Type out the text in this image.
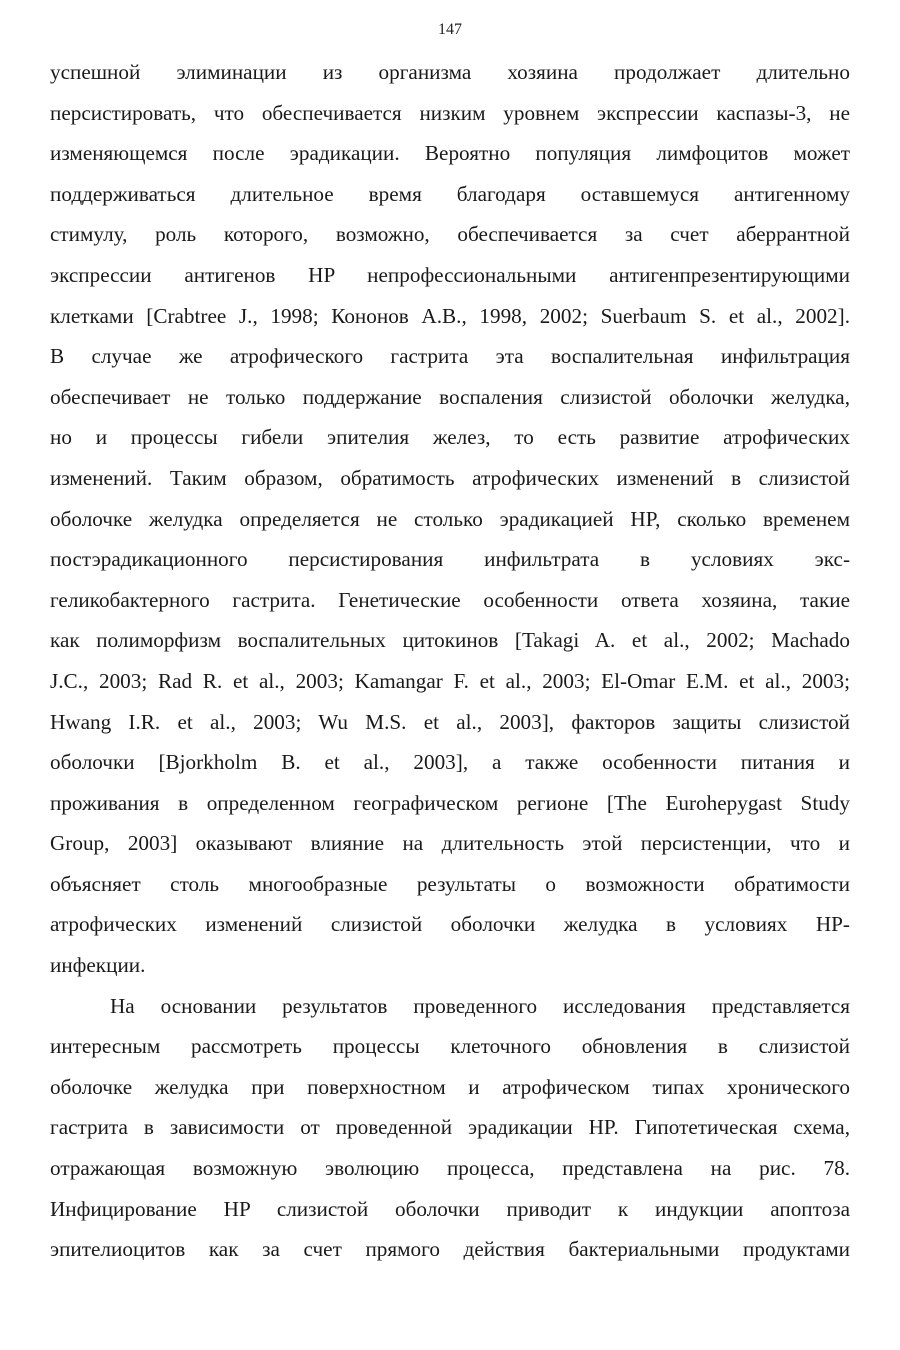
147

успешной элиминации из организма хозяина продолжает длительно
персистировать, что обеспечивается низким уровнем экспрессии каспазы-3, не
изменяющемся после эрадикации. Вероятно популяция лимфоцитов может
поддерживаться длительное время благодаря оставшемуся антигенному
стимулу, роль которого, возможно, обеспечивается за счет аберрантной
экспрессии антигенов HP непрофессиональными антигенпрезентирующими
клетками [Crabtree J., 1998; Кононов А.В., 1998, 2002; Suerbaum S. et al., 2002].
В случае же атрофического гастрита эта воспалительная инфильтрация
обеспечивает не только поддержание воспаления слизистой оболочки желудка,
но и процессы гибели эпителия желез, то есть развитие атрофических
изменений. Таким образом, обратимость атрофических изменений в слизистой
оболочке желудка определяется не столько эрадикацией HP, сколько временем
постэрадикационного персистирования инфильтрата в условиях экс-
геликобактерного гастрита. Генетические особенности ответа хозяина, такие
как полиморфизм воспалительных цитокинов [Takagi A. et al., 2002; Machado
J.C., 2003; Rad R. et al., 2003; Kamangar F. et al., 2003; El-Omar E.M. et al., 2003;
Hwang I.R. et al., 2003; Wu M.S. et al., 2003], факторов защиты слизистой
оболочки [Bjorkholm B. et al., 2003], а также особенности питания и
проживания в определенном географическом регионе [The Eurohepygast Study
Group, 2003] оказывают влияние на длительность этой персистенции, что и
объясняет столь многообразные результаты о возможности обратимости
атрофических изменений слизистой оболочки желудка в условиях HP-
инфекции.

На основании результатов проведенного исследования представляется
интересным рассмотреть процессы клеточного обновления в слизистой
оболочке желудка при поверхностном и атрофическом типах хронического
гастрита в зависимости от проведенной эрадикации HP. Гипотетическая схема,
отражающая возможную эволюцию процесса, представлена на рис. 78.
Инфицирование HP слизистой оболочки приводит к индукции апоптоза
эпителиоцитов как за счет прямого действия бактериальными продуктами
